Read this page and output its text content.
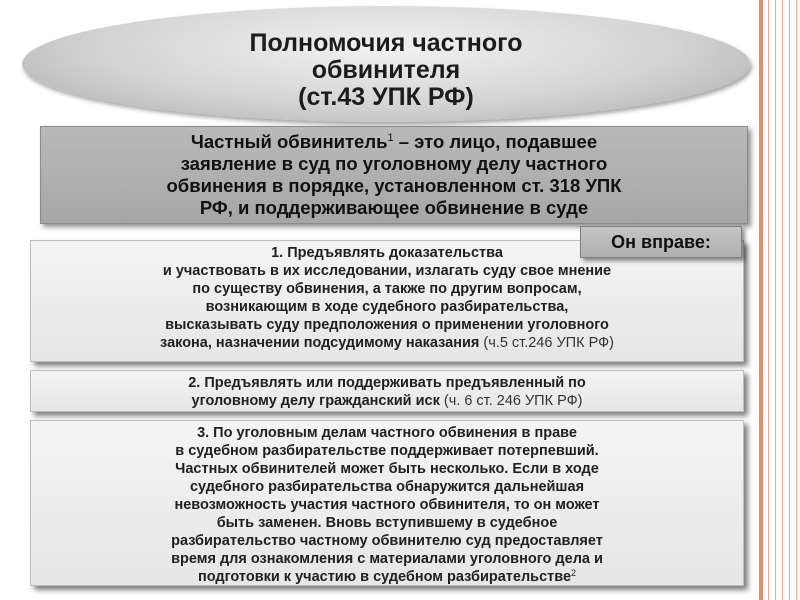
Полномочия частного
обвинителя
(ст.43 УПК РФ)
Частный обвинитель$^1$ – это лицо, подавшее
заявление в суд по уголовному делу частного
обвинения в порядке, установленном ст. 318 УПК
РФ, и поддерживающее обвинение в суде
Он вправе:
1. Предъявлять доказательства
и участвовать в их исследовании, излагать суду свое мнение
по существу обвинения, а также по другим вопросам,
возникающим в ходе судебного разбирательства,
высказывать суду предположения о применении уголовного
закона, назначении подсудимому наказания (ч.5 ст.246 УПК РФ)
2. Предъявлять или поддерживать предъявленный по
уголовному делу гражданский иск (ч. 6 ст. 246 УПК РФ)
3. По уголовным делам частного обвинения в праве
в судебном разбирательстве поддерживает потерпевший.
Частных обвинителей может быть несколько. Если в ходе
судебного разбирательства обнаружится дальнейшая
невозможность участия частного обвинителя, то он может
быть заменен. Вновь вступившему в судебное
разбирательство частному обвинителю суд предоставляет
время для ознакомления с материалами уголовного дела и
подготовки к участию в судебном разбирательстве$^2$
